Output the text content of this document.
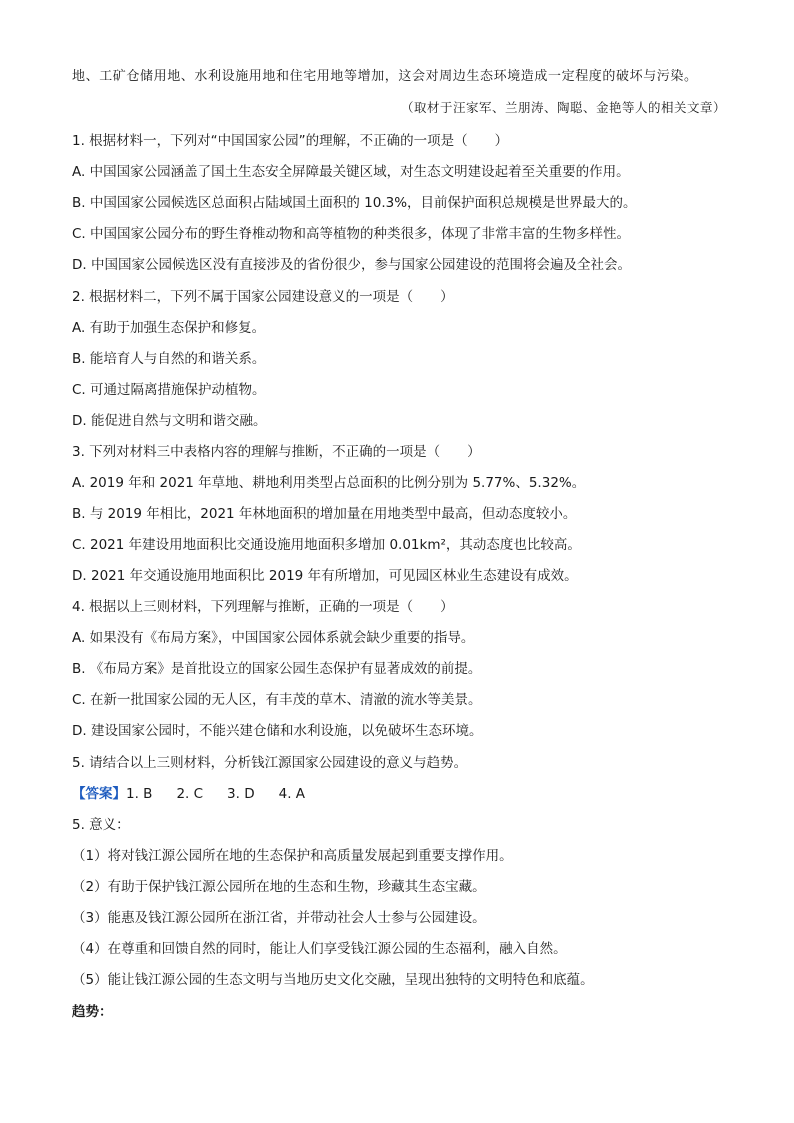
地、工矿仓储用地、水利设施用地和住宅用地等增加，这会对周边生态环境造成一定程度的破坏与污染。
（取材于汪家军、兰朋涛、陶聪、金艳等人的相关文章）
1. 根据材料一，下列对“中国国家公园”的理解，不正确的一项是（　　）
A. 中国国家公园涵盖了国土生态安全屏障最关键区域，对生态文明建设起着至关重要的作用。
B. 中国国家公园候选区总面积占陆域国土面积的 10.3%，目前保护面积总规模是世界最大的。
C. 中国国家公园分布的野生脊椎动物和高等植物的种类很多，体现了非常丰富的生物多样性。
D. 中国国家公园候选区没有直接涉及的省份很少，参与国家公园建设的范围将会遍及全社会。
2. 根据材料二，下列不属于国家公园建设意义的一项是（　　）
A. 有助于加强生态保护和修复。
B. 能培育人与自然的和谐关系。
C. 可通过隔离措施保护动植物。
D. 能促进自然与文明和谐交融。
3. 下列对材料三中表格内容的理解与推断，不正确的一项是（　　）
A. 2019 年和 2021 年草地、耕地利用类型占总面积的比例分别为 5.77%、5.32%。
B. 与 2019 年相比，2021 年林地面积的增加量在用地类型中最高，但动态度较小。
C. 2021 年建设用地面积比交通设施用地面积多增加 0.01km²，其动态度也比较高。
D. 2021 年交通设施用地面积比 2019 年有所增加，可见园区林业生态建设有成效。
4. 根据以上三则材料，下列理解与推断，正确的一项是（　　）
A. 如果没有《布局方案》，中国国家公园体系就会缺少重要的指导。
B. 《布局方案》是首批设立的国家公园生态保护有显著成效的前提。
C. 在新一批国家公园的无人区，有丰茂的草木、清澈的流水等美景。
D. 建设国家公园时，不能兴建仓储和水利设施，以免破坏生态环境。
5. 请结合以上三则材料，分析钱江源国家公园建设的意义与趋势。
【答案】1. B 2. C 3. D 4. A
5. 意义：
（1）将对钱江源公园所在地的生态保护和高质量发展起到重要支撑作用。
（2）有助于保护钱江源公园所在地的生态和生物，珍藏其生态宝藏。
（3）能惠及钱江源公园所在浙江省，并带动社会人士参与公园建设。
（4）在尊重和回馈自然的同时，能让人们享受钱江源公园的生态福利，融入自然。
（5）能让钱江源公园的生态文明与当地历史文化交融，呈现出独特的文明特色和底蕴。
趋势：
